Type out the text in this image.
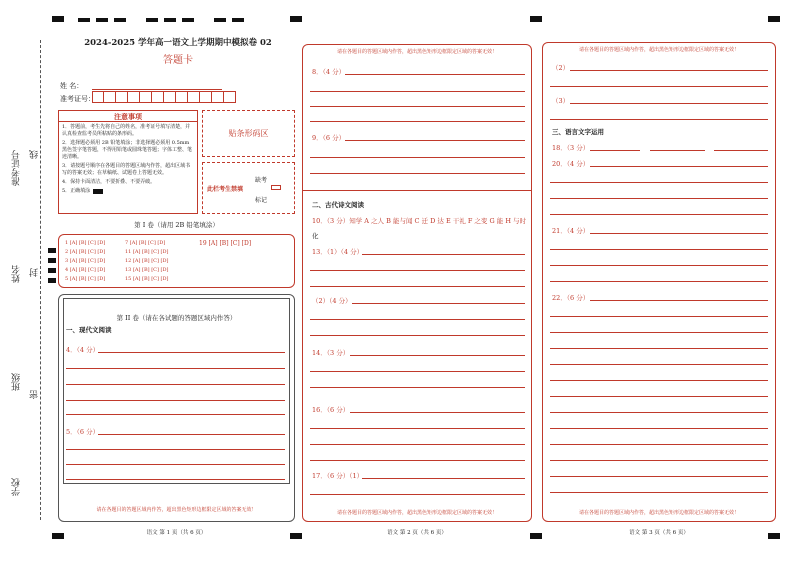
准考证号 线
姓名 封
班级
密
学校
2024-2025 学年高一语文上学期期中模拟卷 02
答题卡
姓 名：
准考证号：
注意事项
1．答题前，考生先将自己的姓名，准考证号填写清楚，并认真检查监考员所粘贴的条形码。
2．选择题必须用 2B 铅笔填涂；非选择题必须用 0.5mm 黑色签字笔答题，不得用铅笔或圆珠笔答题；字体工整、笔迹清晰。
3．请按题号顺序在各题目的答题区域内作答，超出区域书写的答案无效；在草稿纸、试题卷上答题无效。
4．保持卡面清洁，不要折叠、不要弄破。
5．正确填涂
贴条形码区
此栏考生禁填
缺考
标记
第 I 卷（请用 2B 铅笔填涂）
1 [A] [B] [C] [D]
2 [A] [B] [C] [D]
3 [A] [B] [C] [D]
4 [A] [B] [C] [D]
5 [A] [B] [C] [D]
7 [A] [B] [C] [D]
11 [A] [B] [C] [D]
12 [A] [B] [C] [D]
13 [A] [B] [C] [D]
15 [A] [B] [C] [D]
19 [A] [B] [C] [D]
第 II 卷（请在各试题的答题区域内作答）
一、现代文阅读
4．（4 分）
5．（6 分）
请在各题目的答题区域内作答，超出黑色矩形边框限定区域的答案无效！
语文 第 1 页（共 6 页）
请在各题目的答题区域内作答，超出黑色矩形边框限定区域的答案无效！
8．（4 分）
9．（6 分）
二、古代诗文阅读
10．（3 分）知学 A 之人 B 能与闻 C 迁 D 达 E 干礼 F 之变 G 能 H 与时
化
13．（1）（4 分）
（2）（4 分）
14．（3 分）
16．（6 分）
17．（6 分）（1）
请在各题目的答题区域内作答，超出黑色矩形边框限定区域的答案无效！
语文 第 2 页（共 6 页）
请在各题目的答题区域内作答，超出黑色矩形边框限定区域的答案无效！
（2）
（3）
三、语言文字运用
18．（3 分）
20．（4 分）
21．（4 分）
22．（6 分）
请在各题目的答题区域内作答，超出黑色矩形边框限定区域的答案无效！
语文 第 3 页（共 6 页）
